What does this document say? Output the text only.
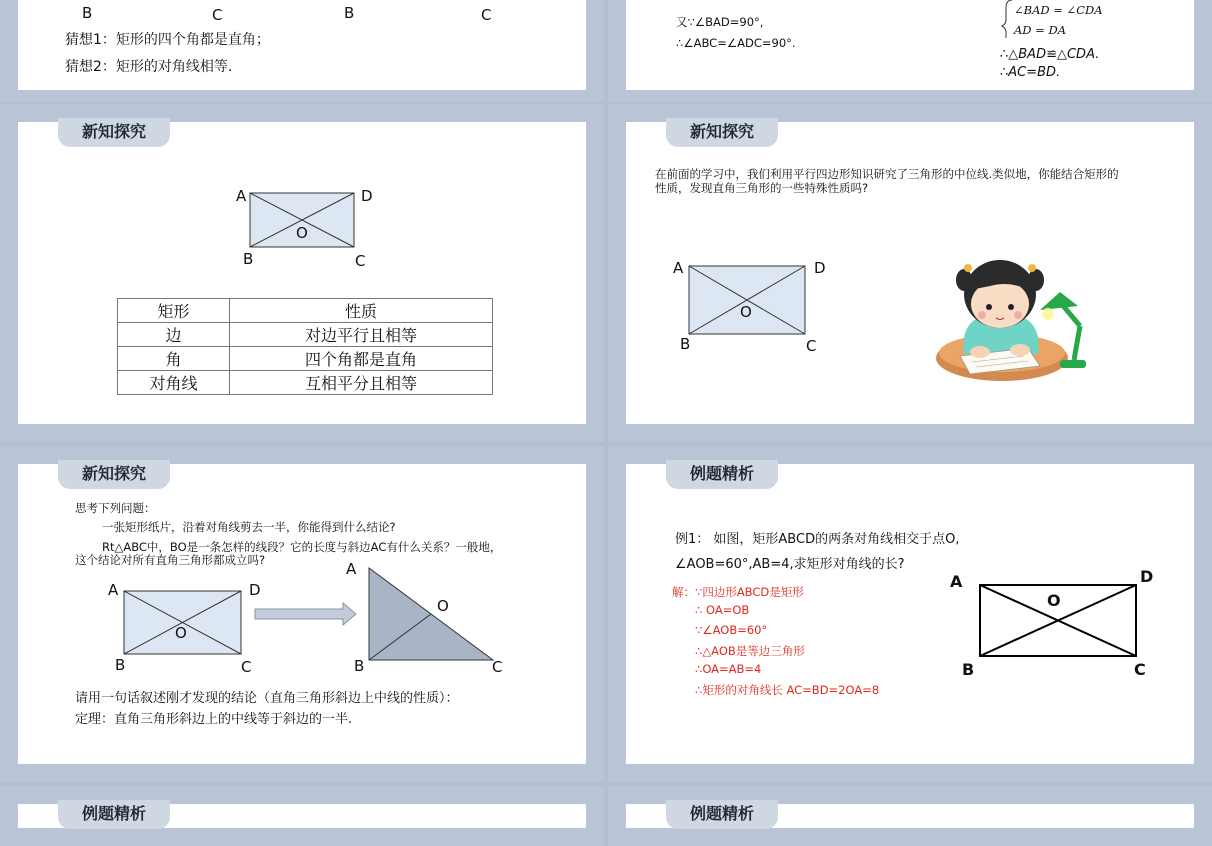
B	C	B	C
猜想1：矩形的四个角都是直角；
猜想2：矩形的对角线相等.
又∵∠BAD=90°,
∴∠ABC=∠ADC=90°.
∠BAD = ∠CDA
AD = DA
∴△BAD≌△CDA.
∴AC=BD.
新知探究
A	D
O
B	C
矩形	性质
边	对边平行且相等
角	四个角都是直角
对角线	互相平分且相等
新知探究
在前面的学习中，我们利用平行四边形知识研究了三角形的中位线.类似地，你能结合矩形的
性质，发现直角三角形的一些特殊性质吗?
A	D
O
B	C
新知探究
思考下列问题：
一张矩形纸片，沿着对角线剪去一半，你能得到什么结论?
Rt△ABC中，BO是一条怎样的线段？它的长度与斜边AC有什么关系？一般地，
这个结论对所有直角三角形都成立吗?
A	D
O
B	C
A
O
B	C
请用一句话叙述刚才发现的结论（直角三角形斜边上中线的性质）：
定理：直角三角形斜边上的中线等于斜边的一半.
例题精析
例1： 如图，矩形ABCD的两条对角线相交于点O,
∠AOB=60°,AB=4,求矩形对角线的长?
解：∵四边形ABCD是矩形
∴ OA=OB
∵∠AOB=60°
∴△AOB是等边三角形
∴OA=AB=4
∴矩形的对角线长 AC=BD=2OA=8
A	D
O
B	C
例题精析	例题精析
